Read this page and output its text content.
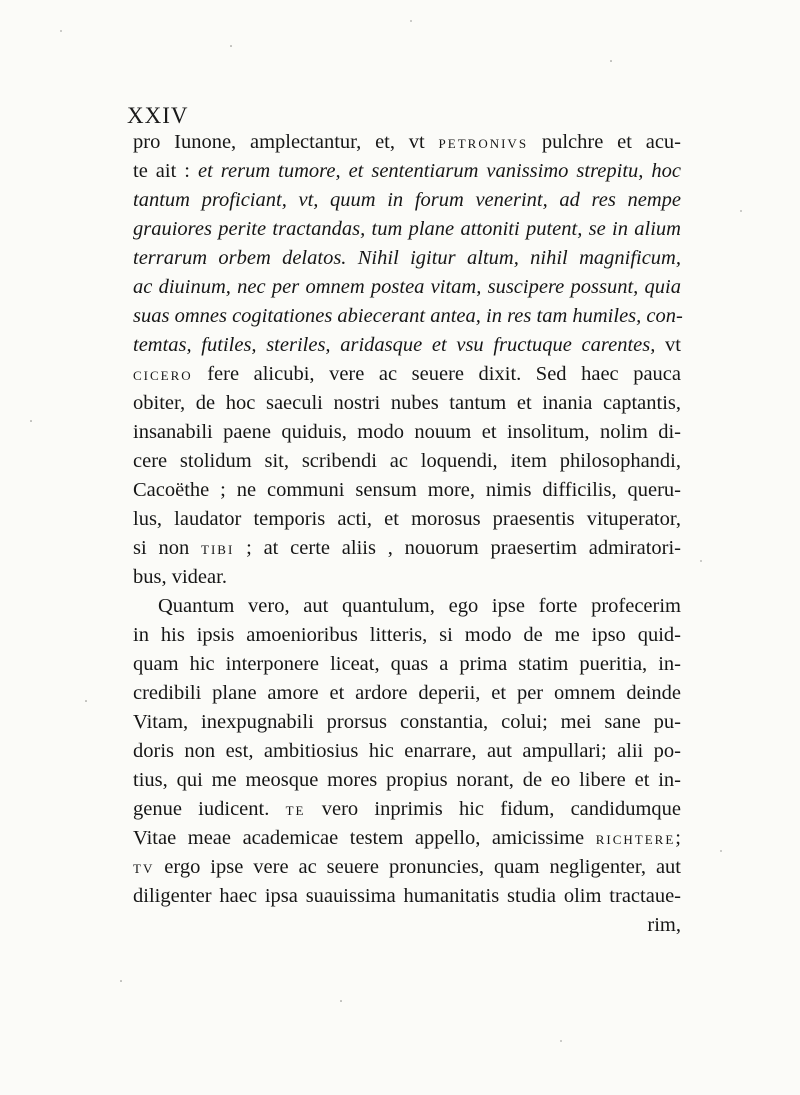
XXIV
pro Iunone, amplectantur, et, vt petronivs pulchre et acu-
te ait : et rerum tumore, et sententiarum vanissimo strepitu, hoc
tantum proficiant, vt, quum in forum venerint, ad res nempe
grauiores perite tractandas, tum plane attoniti putent, se in alium
terrarum orbem delatos. Nihil igitur altum, nihil magnificum,
ac diuinum, nec per omnem postea vitam, suscipere possunt, quia
suas omnes cogitationes abiecerant antea, in res tam humiles, con-
temtas, futiles, steriles, aridasque et vsu fructuque carentes, vt
cicero fere alicubi, vere ac seuere dixit. Sed haec pauca
obiter, de hoc saeculi nostri nubes tantum et inania captantis,
insanabili paene quiduis, modo nouum et insolitum, nolim di-
cere stolidum sit, scribendi ac loquendi, item philosophandi,
Cacoëthe ; ne communi sensum more, nimis difficilis, queru-
lus, laudator temporis acti, et morosus praesentis vituperator,
si non tibi ; at certe aliis , nouorum praesertim admiratori-
bus, videar.
Quantum vero, aut quantulum, ego ipse forte profecerim
in his ipsis amoenioribus litteris, si modo de me ipso quid-
quam hic interponere liceat, quas a prima statim pueritia, in-
credibili plane amore et ardore deperii, et per omnem deinde
Vitam, inexpugnabili prorsus constantia, colui; mei sane pu-
doris non est, ambitiosius hic enarrare, aut ampullari; alii po-
tius, qui me meosque mores propius norant, de eo libere et in-
genue iudicent. te vero inprimis hic fidum, candidumque
Vitae meae academicae testem appello, amicissime richtere;
tv ergo ipse vere ac seuere pronuncies, quam negligenter, aut
diligenter haec ipsa suauissima humanitatis studia olim tractaue-
rim,
